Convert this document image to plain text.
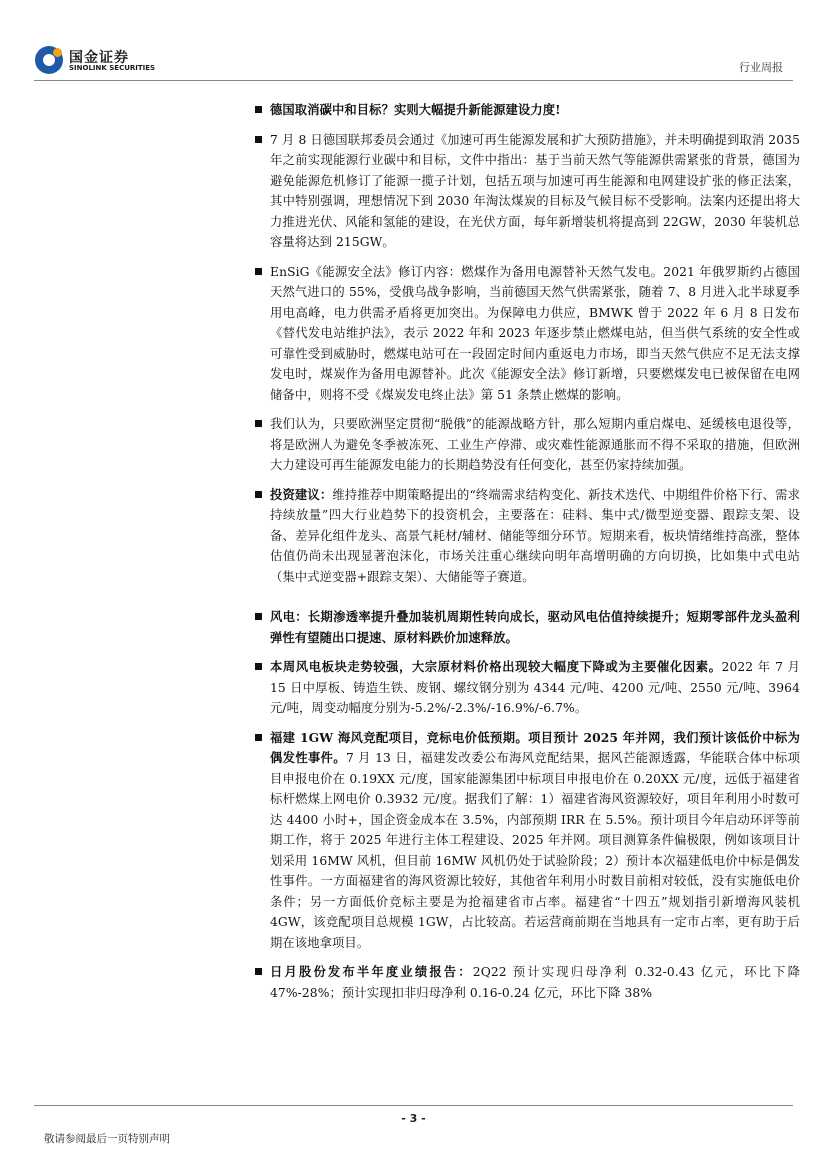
国金证券
SINOLINK SECURITIES	行业周报
德国取消碳中和目标？实则大幅提升新能源建设力度!
7 月 8 日德国联邦委员会通过《加速可再生能源发展和扩大预防措施》，并未明确提到取消 2035 年之前实现能源行业碳中和目标，文件中指出：基于当前天然气等能源供需紧张的背景，德国为避免能源危机修订了能源一揽子计划，包括五项与加速可再生能源和电网建设扩张的修正法案，其中特别强调，理想情况下到 2030 年淘汰煤炭的目标及气候目标不受影响。法案内还提出将大力推进光伏、风能和氢能的建设，在光伏方面，每年新增装机将提高到 22GW，2030 年装机总容量将达到 215GW。
EnSiG《能源安全法》修订内容：燃煤作为备用电源替补天然气发电。2021 年俄罗斯约占德国天然气进口的 55%，受俄乌战争影响，当前德国天然气供需紧张，随着 7、8 月进入北半球夏季用电高峰，电力供需矛盾将更加突出。为保障电力供应，BMWK 曾于 2022 年 6 月 8 日发布《替代发电站维护法》，表示 2022 年和 2023 年逐步禁止燃煤电站，但当供气系统的安全性或可靠性受到威胁时，燃煤电站可在一段固定时间内重返电力市场，即当天然气供应不足无法支撑发电时，煤炭作为备用电源替补。此次《能源安全法》修订新增，只要燃煤发电已被保留在电网储备中，则将不受《煤炭发电终止法》第 51 条禁止燃煤的影响。
我们认为，只要欧洲坚定贯彻“脱俄”的能源战略方针，那么短期内重启煤电、延缓核电退役等，将是欧洲人为避免冬季被冻死、工业生产停滞、或灾难性能源通胀而不得不采取的措施，但欧洲大力建设可再生能源发电能力的长期趋势没有任何变化，甚至仍家持续加强。
投资建议：维持推荐中期策略提出的“终端需求结构变化、新技术迭代、中期组件价格下行、需求持续放量”四大行业趋势下的投资机会，主要落在：硅料、集中式/微型逆变器、跟踪支架、设备、差异化组件龙头、高景气耗材/辅材、储能等细分环节。短期来看，板块情绪维持高涨，整体估值仍尚未出现显著泡沫化，市场关注重心继续向明年高增明确的方向切换，比如集中式电站（集中式逆变器+跟踪支架）、大储能等子赛道。
风电：长期渗透率提升叠加装机周期性转向成长，驱动风电估值持续提升；短期零部件龙头盈利弹性有望随出口提速、原材料跌价加速释放。
本周风电板块走势较强，大宗原材料价格出现较大幅度下降或为主要催化因素。2022 年 7 月 15 日中厚板、铸造生铁、废钢、螺纹钢分别为 4344 元/吨、4200 元/吨、2550 元/吨、3964 元/吨，周变动幅度分别为-5.2%/-2.3%/-16.9%/-6.7%。
福建 1GW 海风竞配项目，竞标电价低预期。项目预计 2025 年并网，我们预计该低价中标为偶发性事件。7 月 13 日，福建发改委公布海风竞配结果，据风芒能源透露，华能联合体中标项目申报电价在 0.19XX 元/度，国家能源集团中标项目申报电价在 0.20XX 元/度，远低于福建省标杆燃煤上网电价 0.3932 元/度。据我们了解：1）福建省海风资源较好，项目年利用小时数可达 4400 小时+，国企资金成本在 3.5%，内部预期 IRR 在 5.5%。预计项目今年启动环评等前期工作，将于 2025 年进行主体工程建设、2025 年并网。项目测算条件偏极限，例如该项目计划采用 16MW 风机，但目前 16MW 风机仍处于试验阶段；2）预计本次福建低电价中标是偶发性事件。一方面福建省的海风资源比较好，其他省年利用小时数目前相对较低，没有实施低电价条件；另一方面低价竞标主要是为抢福建省市占率。福建省“十四五”规划指引新增海风装机 4GW，该竞配项目总规模 1GW，占比较高。若运营商前期在当地具有一定市占率，更有助于后期在该地拿项目。
日月股份发布半年度业绩报告：2Q22 预计实现归母净利 0.32-0.43 亿元，环比下降 47%-28%；预计实现扣非归母净利 0.16-0.24 亿元，环比下降 38%
- 3 -
敬请参阅最后一页特别声明
